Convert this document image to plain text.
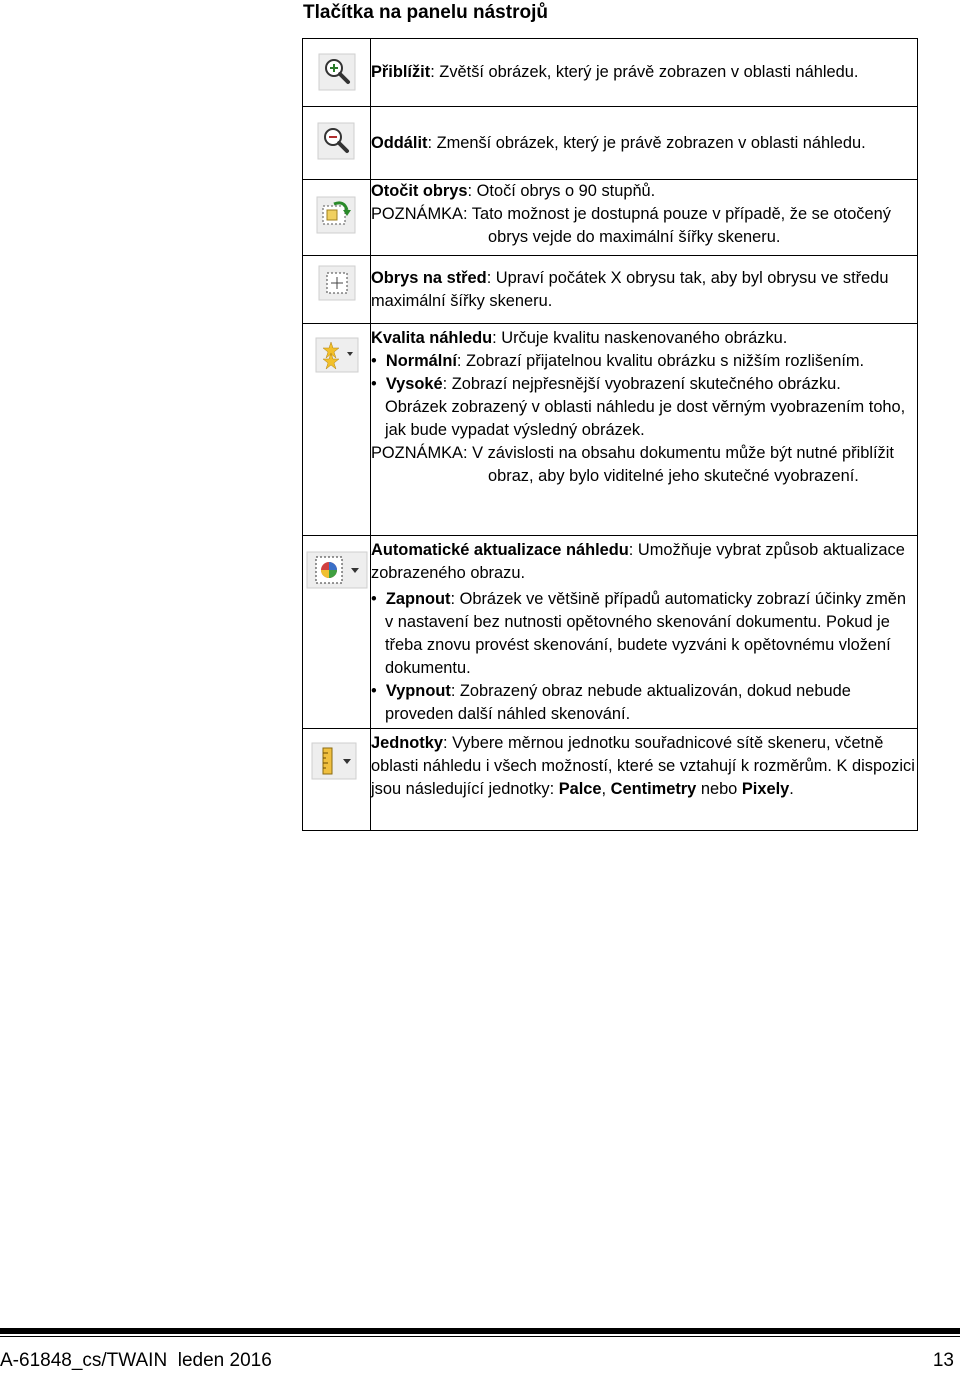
Tlačítka na panelu nástrojů

Přiblížit: Zvětší obrázek, který je právě zobrazen v oblasti náhledu.

Oddálit: Zmenší obrázek, který je právě zobrazen v oblasti náhledu.

Otočit obrys: Otočí obrys o 90 stupňů.

POZNÁMKA: Tato možnost je dostupná pouze v případě, že se otočený obrys vejde do maximální šířky skeneru.

Obrys na střed: Upraví počátek X obrysu tak, aby byl obrysu ve středu maximální šířky skeneru.

Kvalita náhledu: Určuje kvalitu naskenovaného obrázku.

•  Normální: Zobrazí přijatelnou kvalitu obrázku s nižším rozlišením.

•  Vysoké: Zobrazí nejpřesnější vyobrazení skutečného obrázku.

Obrázek zobrazený v oblasti náhledu je dost věrným vyobrazením toho, jak bude vypadat výsledný obrázek.

POZNÁMKA: V závislosti na obsahu dokumentu může být nutné přiblížit obraz, aby bylo viditelné jeho skutečné vyobrazení.

Automatické aktualizace náhledu: Umožňuje vybrat způsob aktualizace zobrazeného obrazu.

•  Zapnout: Obrázek ve většině případů automaticky zobrazí účinky změn v nastavení bez nutnosti opětovného skenování dokumentu. Pokud je třeba znovu provést skenování, budete vyzváni k opětovnému vložení dokumentu.

•  Vypnout: Zobrazený obraz nebude aktualizován, dokud nebude proveden další náhled skenování.

Jednotky: Vybere měrnou jednotku souřadnicové sítě skeneru, včetně oblasti náhledu i všech možností, které se vztahují k rozměrům. K dispozici jsou následující jednotky: Palce, Centimetry nebo Pixely.

A-61848_cs/TWAIN  leden 2016	13
